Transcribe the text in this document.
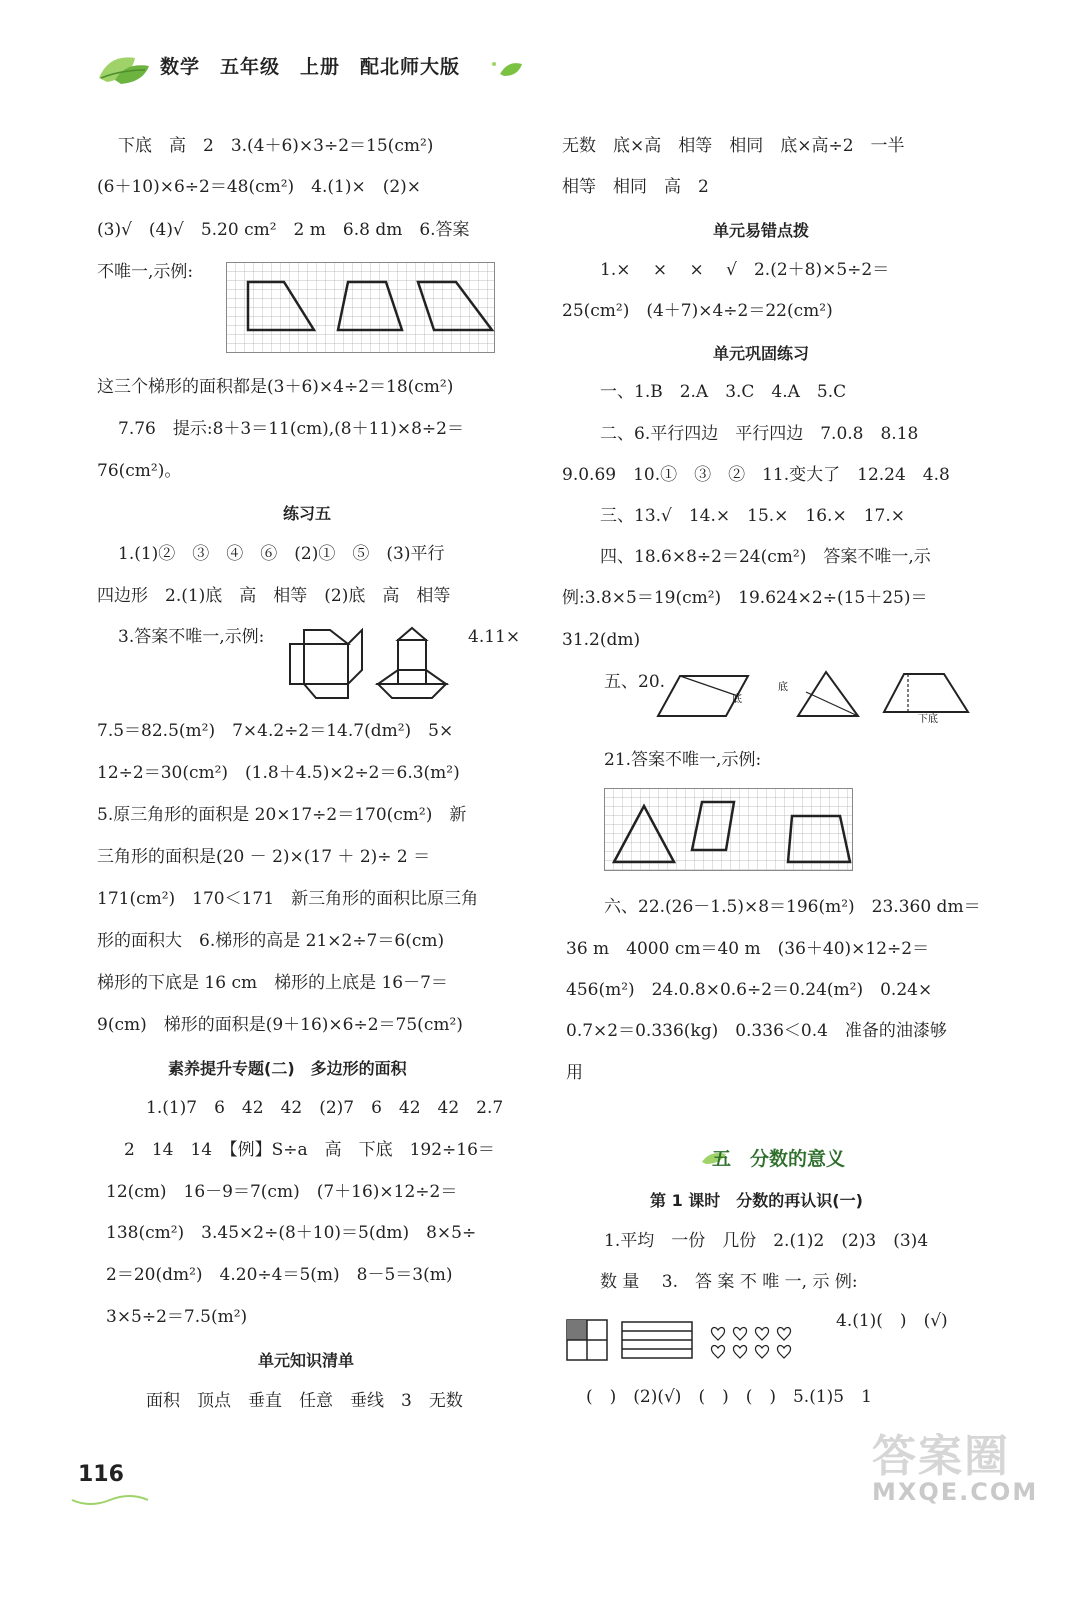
数学　五年级　上册　配北师大版
下底　高　2　3.(4＋6)×3÷2＝15(cm²)
(6＋10)×6÷2＝48(cm²)　4.(1)×　(2)×
(3)√　(4)√　5.20 cm²　2 m　6.8 dm　6.答案
不唯一,示例:
这三个梯形的面积都是(3＋6)×4÷2＝18(cm²)
7.76　提示:8＋3＝11(cm),(8＋11)×8÷2＝
76(cm²)。
练习五
1.(1)②　③　④　⑥　(2)①　⑤　(3)平行
四边形　2.(1)底　高　相等　(2)底　高　相等
3.答案不唯一,示例:	4.11×
7.5＝82.5(m²)　7×4.2÷2＝14.7(dm²)　5×
12÷2＝30(cm²)　(1.8＋4.5)×2÷2＝6.3(m²)
5.原三角形的面积是 20×17÷2＝170(cm²)　新
三角形的面积是(20 － 2)×(17 ＋ 2)÷ 2 ＝
171(cm²)　170＜171　新三角形的面积比原三角
形的面积大　6.梯形的高是 21×2÷7＝6(cm)
梯形的下底是 16 cm　梯形的上底是 16－7＝
9(cm)　梯形的面积是(9＋16)×6÷2＝75(cm²)
素养提升专题(二)　多边形的面积
1.(1)7　6　42　42　(2)7　6　42　42　2.7
2　14　14　【例】S÷a　高　下底　192÷16＝
12(cm)　16－9＝7(cm)　(7＋16)×12÷2＝
138(cm²)　3.45×2÷(8＋10)＝5(dm)　8×5÷
2＝20(dm²)　4.20÷4＝5(m)　8－5＝3(m)
3×5÷2＝7.5(m²)
单元知识清单
面积　顶点　垂直　任意　垂线　3　无数
无数　底×高　相等　相同　底×高÷2　一半
相等　相同　高　2
单元易错点拨
1.×　 ×　 ×　 √　2.(2＋8)×5÷2＝
25(cm²)　(4＋7)×4÷2＝22(cm²)
单元巩固练习
一、1.B　2.A　3.C　4.A　5.C
二、6.平行四边　平行四边　7.0.8　8.18
9.0.69　10.①　③　②　11.变大了　12.24　4.8
三、13.√　14.×　15.×　16.×　17.×
四、18.6×8÷2＝24(cm²)　答案不唯一,示
例:3.8×5＝19(cm²)　19.624×2÷(15＋25)＝
31.2(dm)
五、20.
底
底
下底
21.答案不唯一,示例:
六、22.(26－1.5)×8＝196(m²)　23.360 dm＝
36 m　4000 cm＝40 m　(36＋40)×12÷2＝
456(m²)　24.0.8×0.6÷2＝0.24(m²)　0.24×
0.7×2＝0.336(kg)　0.336＜0.4　准备的油漆够
用
五　分数的意义
第 1 课时　分数的再认识(一)
1.平均　一份　几份　2.(1)2　(2)3　(3)4
数 量　 3.　答 案 不 唯 一, 示 例:
4.(1)(　)　(√)
(　)　(2)(√)　(　)　(　)　5.(1)5　1
116	答案圈
MXQE.COM
